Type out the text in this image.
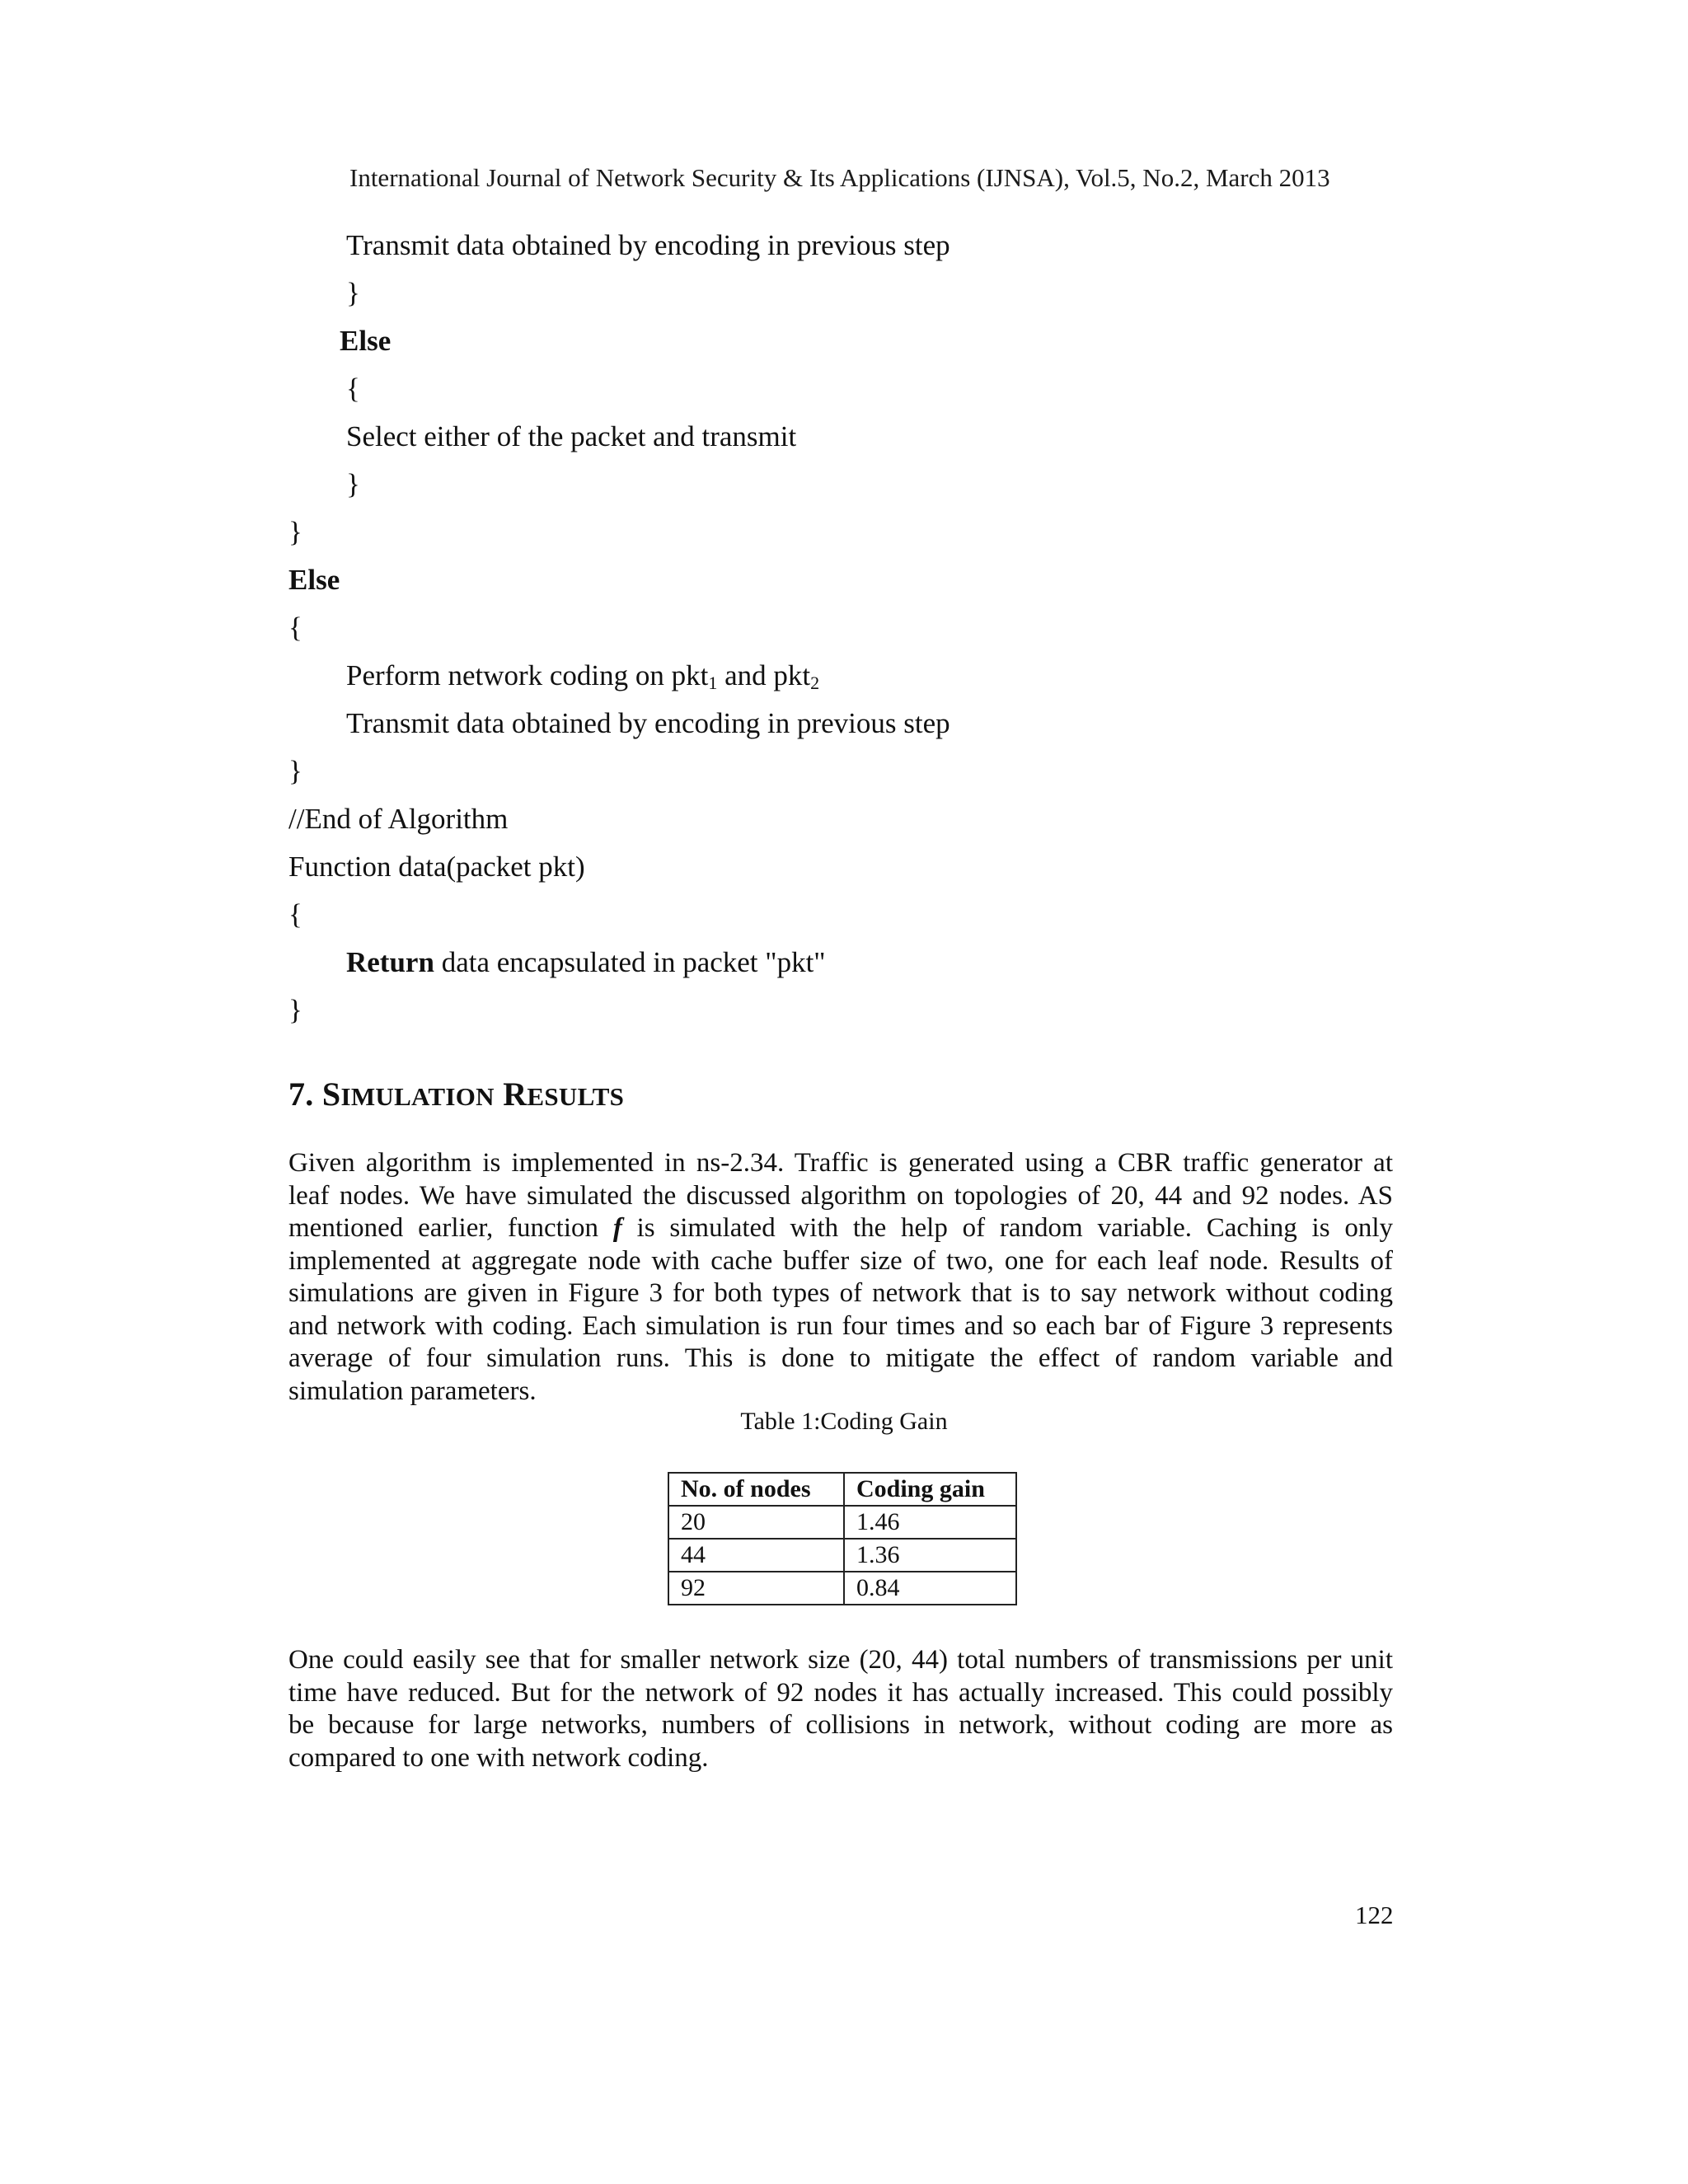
International Journal of Network Security & Its Applications (IJNSA), Vol.5, No.2, March 2013
Transmit data obtained by encoding in previous step
}
Else
{
Select either of the packet and transmit
}
}
Else
{
Perform network coding on pkt$_1$ and pkt$_2$
Transmit data obtained by encoding in previous step
}
//End of Algorithm
Function data(packet pkt)
{
Return data encapsulated in packet "pkt"
}
7. SIMULATION RESULTS
Given algorithm is implemented in ns-2.34. Traffic is generated using a CBR traffic generator at
leaf nodes. We have simulated the discussed algorithm on topologies of 20, 44 and 92 nodes. AS
mentioned earlier, function f is simulated with the help of random variable. Caching is only
implemented at aggregate node with cache buffer size of two, one for each leaf node. Results of
simulations are given in Figure 3 for both types of network that is to say network without coding
and network with coding. Each simulation is run four times and so each bar of Figure 3 represents
average of four simulation runs. This is done to mitigate the effect of random variable and
simulation parameters.
Table 1:Coding Gain
No. of nodes	Coding gain
20	1.46
44	1.36
92	0.84
One could easily see that for smaller network size (20, 44) total numbers of transmissions per unit
time have reduced. But for the network of 92 nodes it has actually increased. This could possibly
be because for large networks, numbers of collisions in network, without coding are more as
compared to one with network coding.
122
